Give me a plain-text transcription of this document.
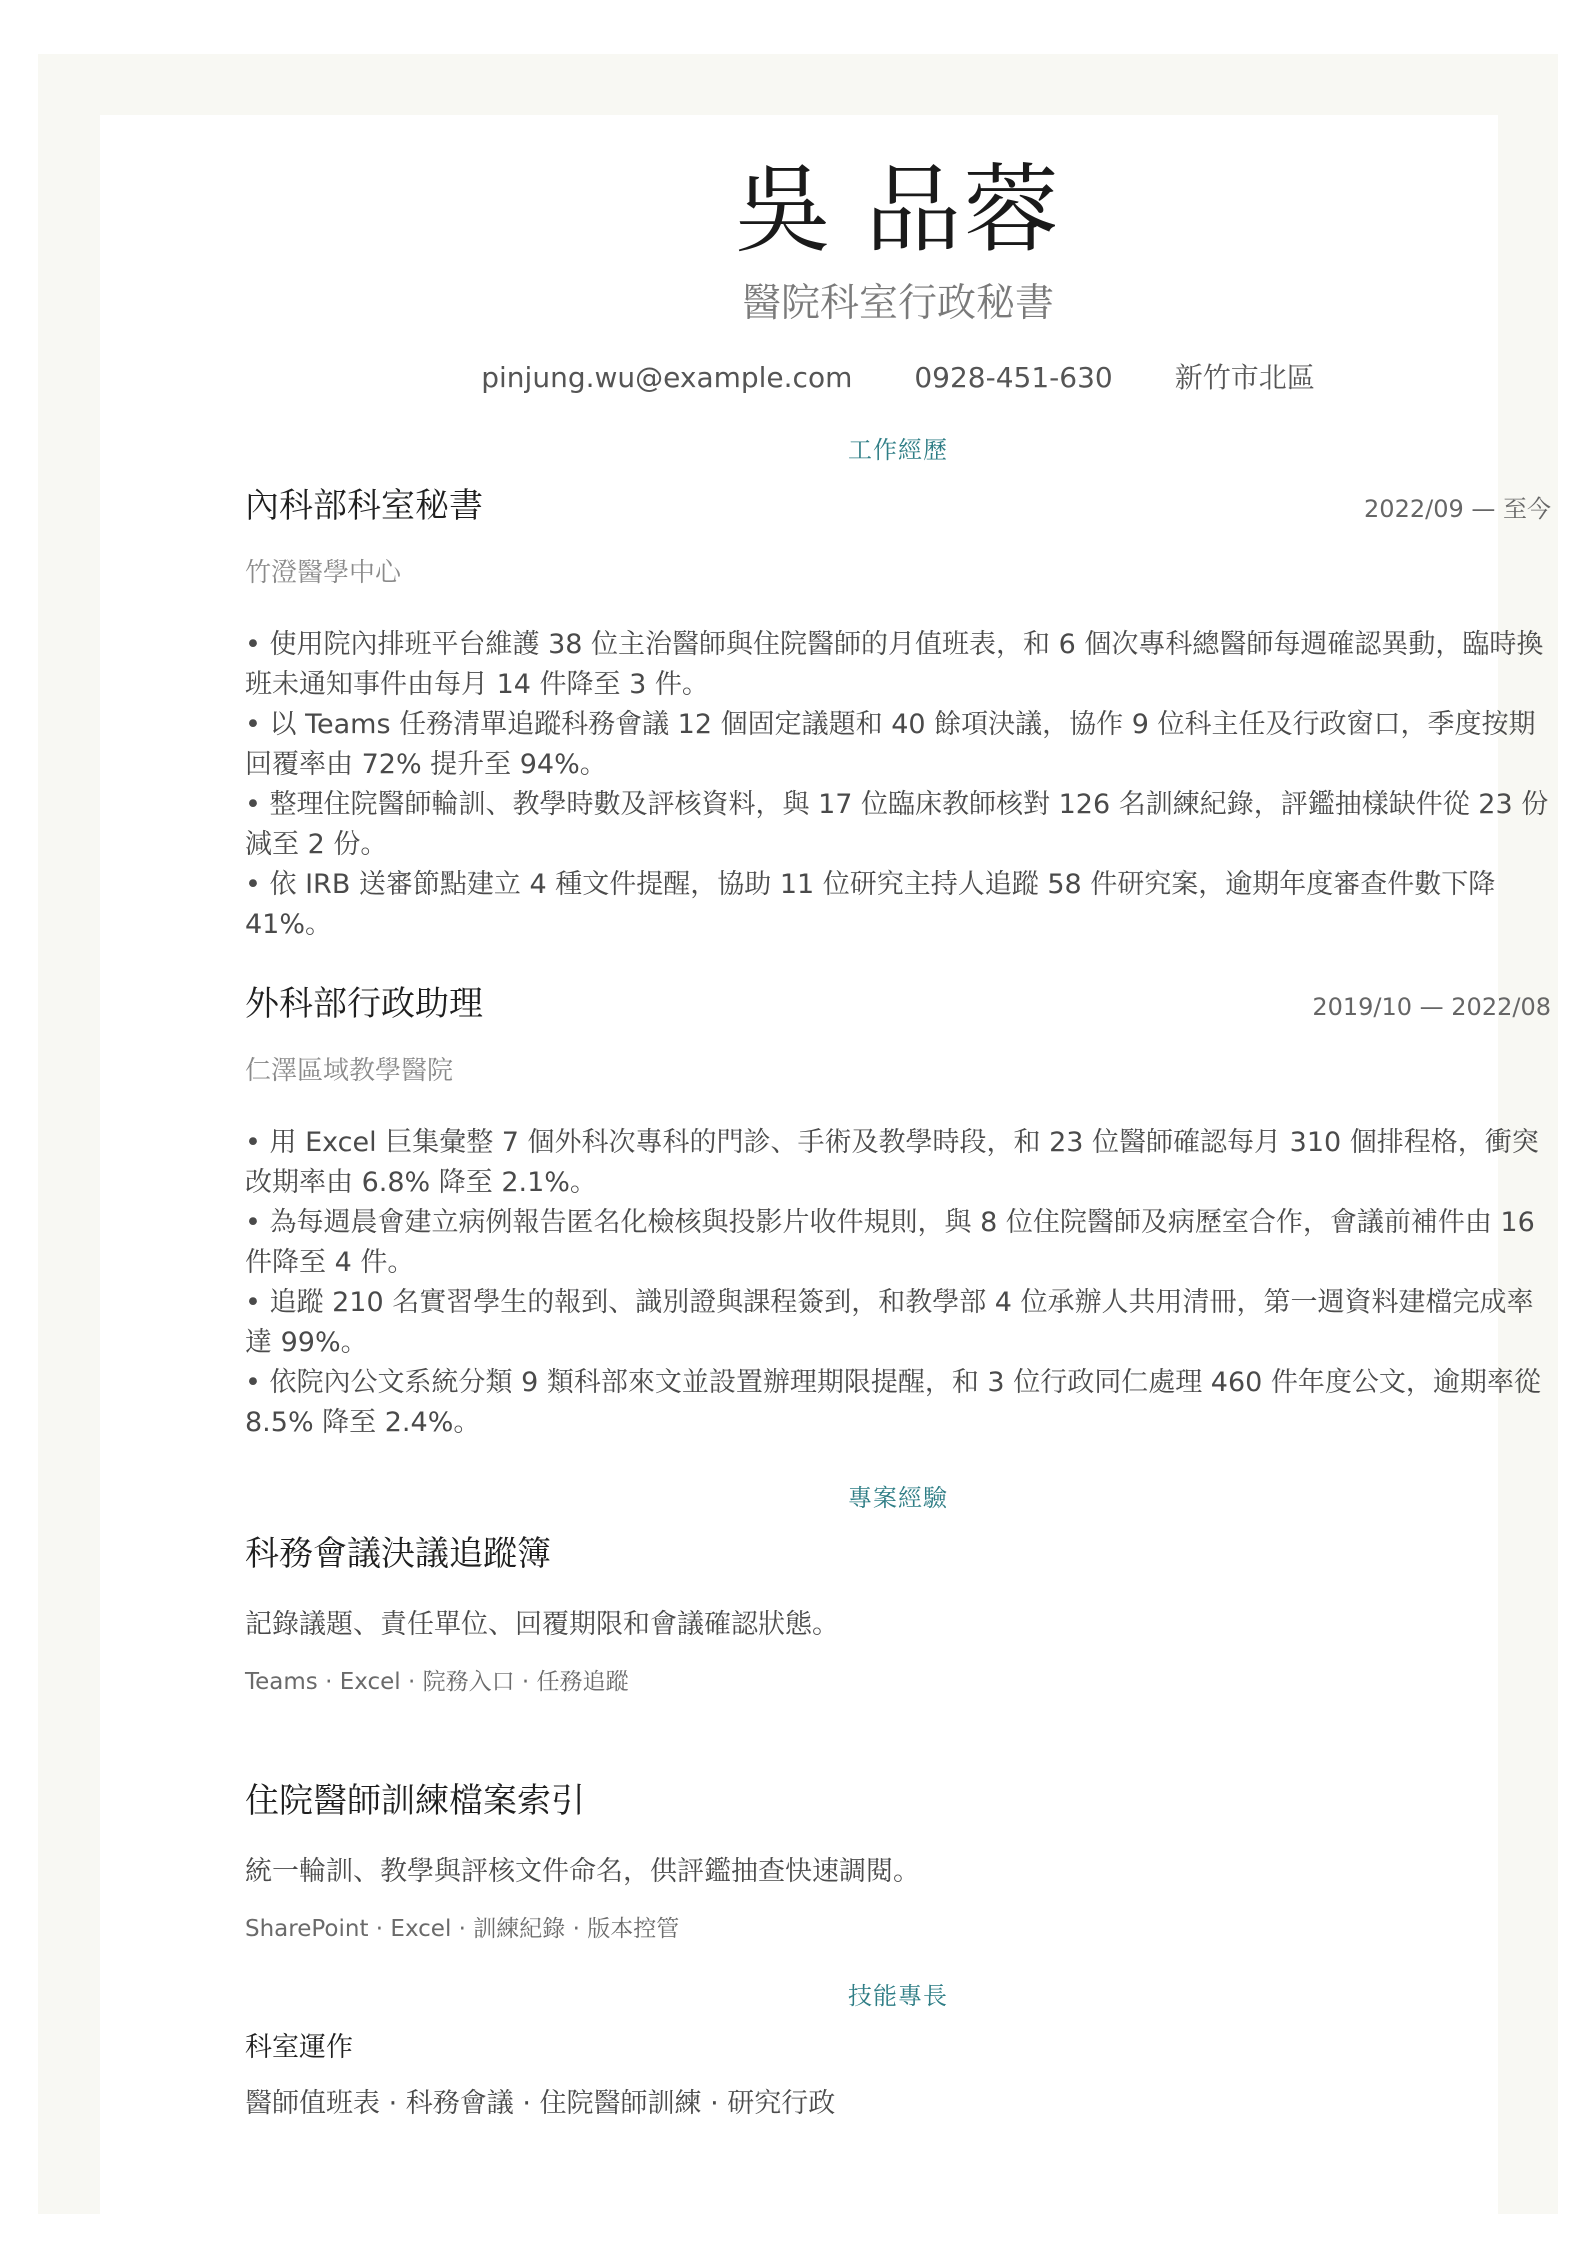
吳 品蓉
醫院科室行政秘書
pinjung.wu@example.com 0928-451-630 新竹市北區
工作經歷
內科部科室秘書	2022/09 — 至今
竹澄醫學中心
• 使用院內排班平台維護 38 位主治醫師與住院醫師的月值班表，和 6 個次專科總醫師每週確認異動，臨時換班未通知事件由每月 14 件降至 3 件。
• 以 Teams 任務清單追蹤科務會議 12 個固定議題和 40 餘項決議，協作 9 位科主任及行政窗口，季度按期回覆率由 72% 提升至 94%。
• 整理住院醫師輪訓、教學時數及評核資料，與 17 位臨床教師核對 126 名訓練紀錄，評鑑抽樣缺件從 23 份減至 2 份。
• 依 IRB 送審節點建立 4 種文件提醒，協助 11 位研究主持人追蹤 58 件研究案，逾期年度審查件數下降 41%。
外科部行政助理	2019/10 — 2022/08
仁澤區域教學醫院
• 用 Excel 巨集彙整 7 個外科次專科的門診、手術及教學時段，和 23 位醫師確認每月 310 個排程格，衝突改期率由 6.8% 降至 2.1%。
• 為每週晨會建立病例報告匿名化檢核與投影片收件規則，與 8 位住院醫師及病歷室合作，會議前補件由 16 件降至 4 件。
• 追蹤 210 名實習學生的報到、識別證與課程簽到，和教學部 4 位承辦人共用清冊，第一週資料建檔完成率達 99%。
• 依院內公文系統分類 9 類科部來文並設置辦理期限提醒，和 3 位行政同仁處理 460 件年度公文，逾期率從 8.5% 降至 2.4%。
專案經驗
科務會議決議追蹤簿
記錄議題、責任單位、回覆期限和會議確認狀態。
Teams · Excel · 院務入口 · 任務追蹤
住院醫師訓練檔案索引
統一輪訓、教學與評核文件命名，供評鑑抽查快速調閱。
SharePoint · Excel · 訓練紀錄 · 版本控管
技能專長
科室運作
醫師值班表 · 科務會議 · 住院醫師訓練 · 研究行政
